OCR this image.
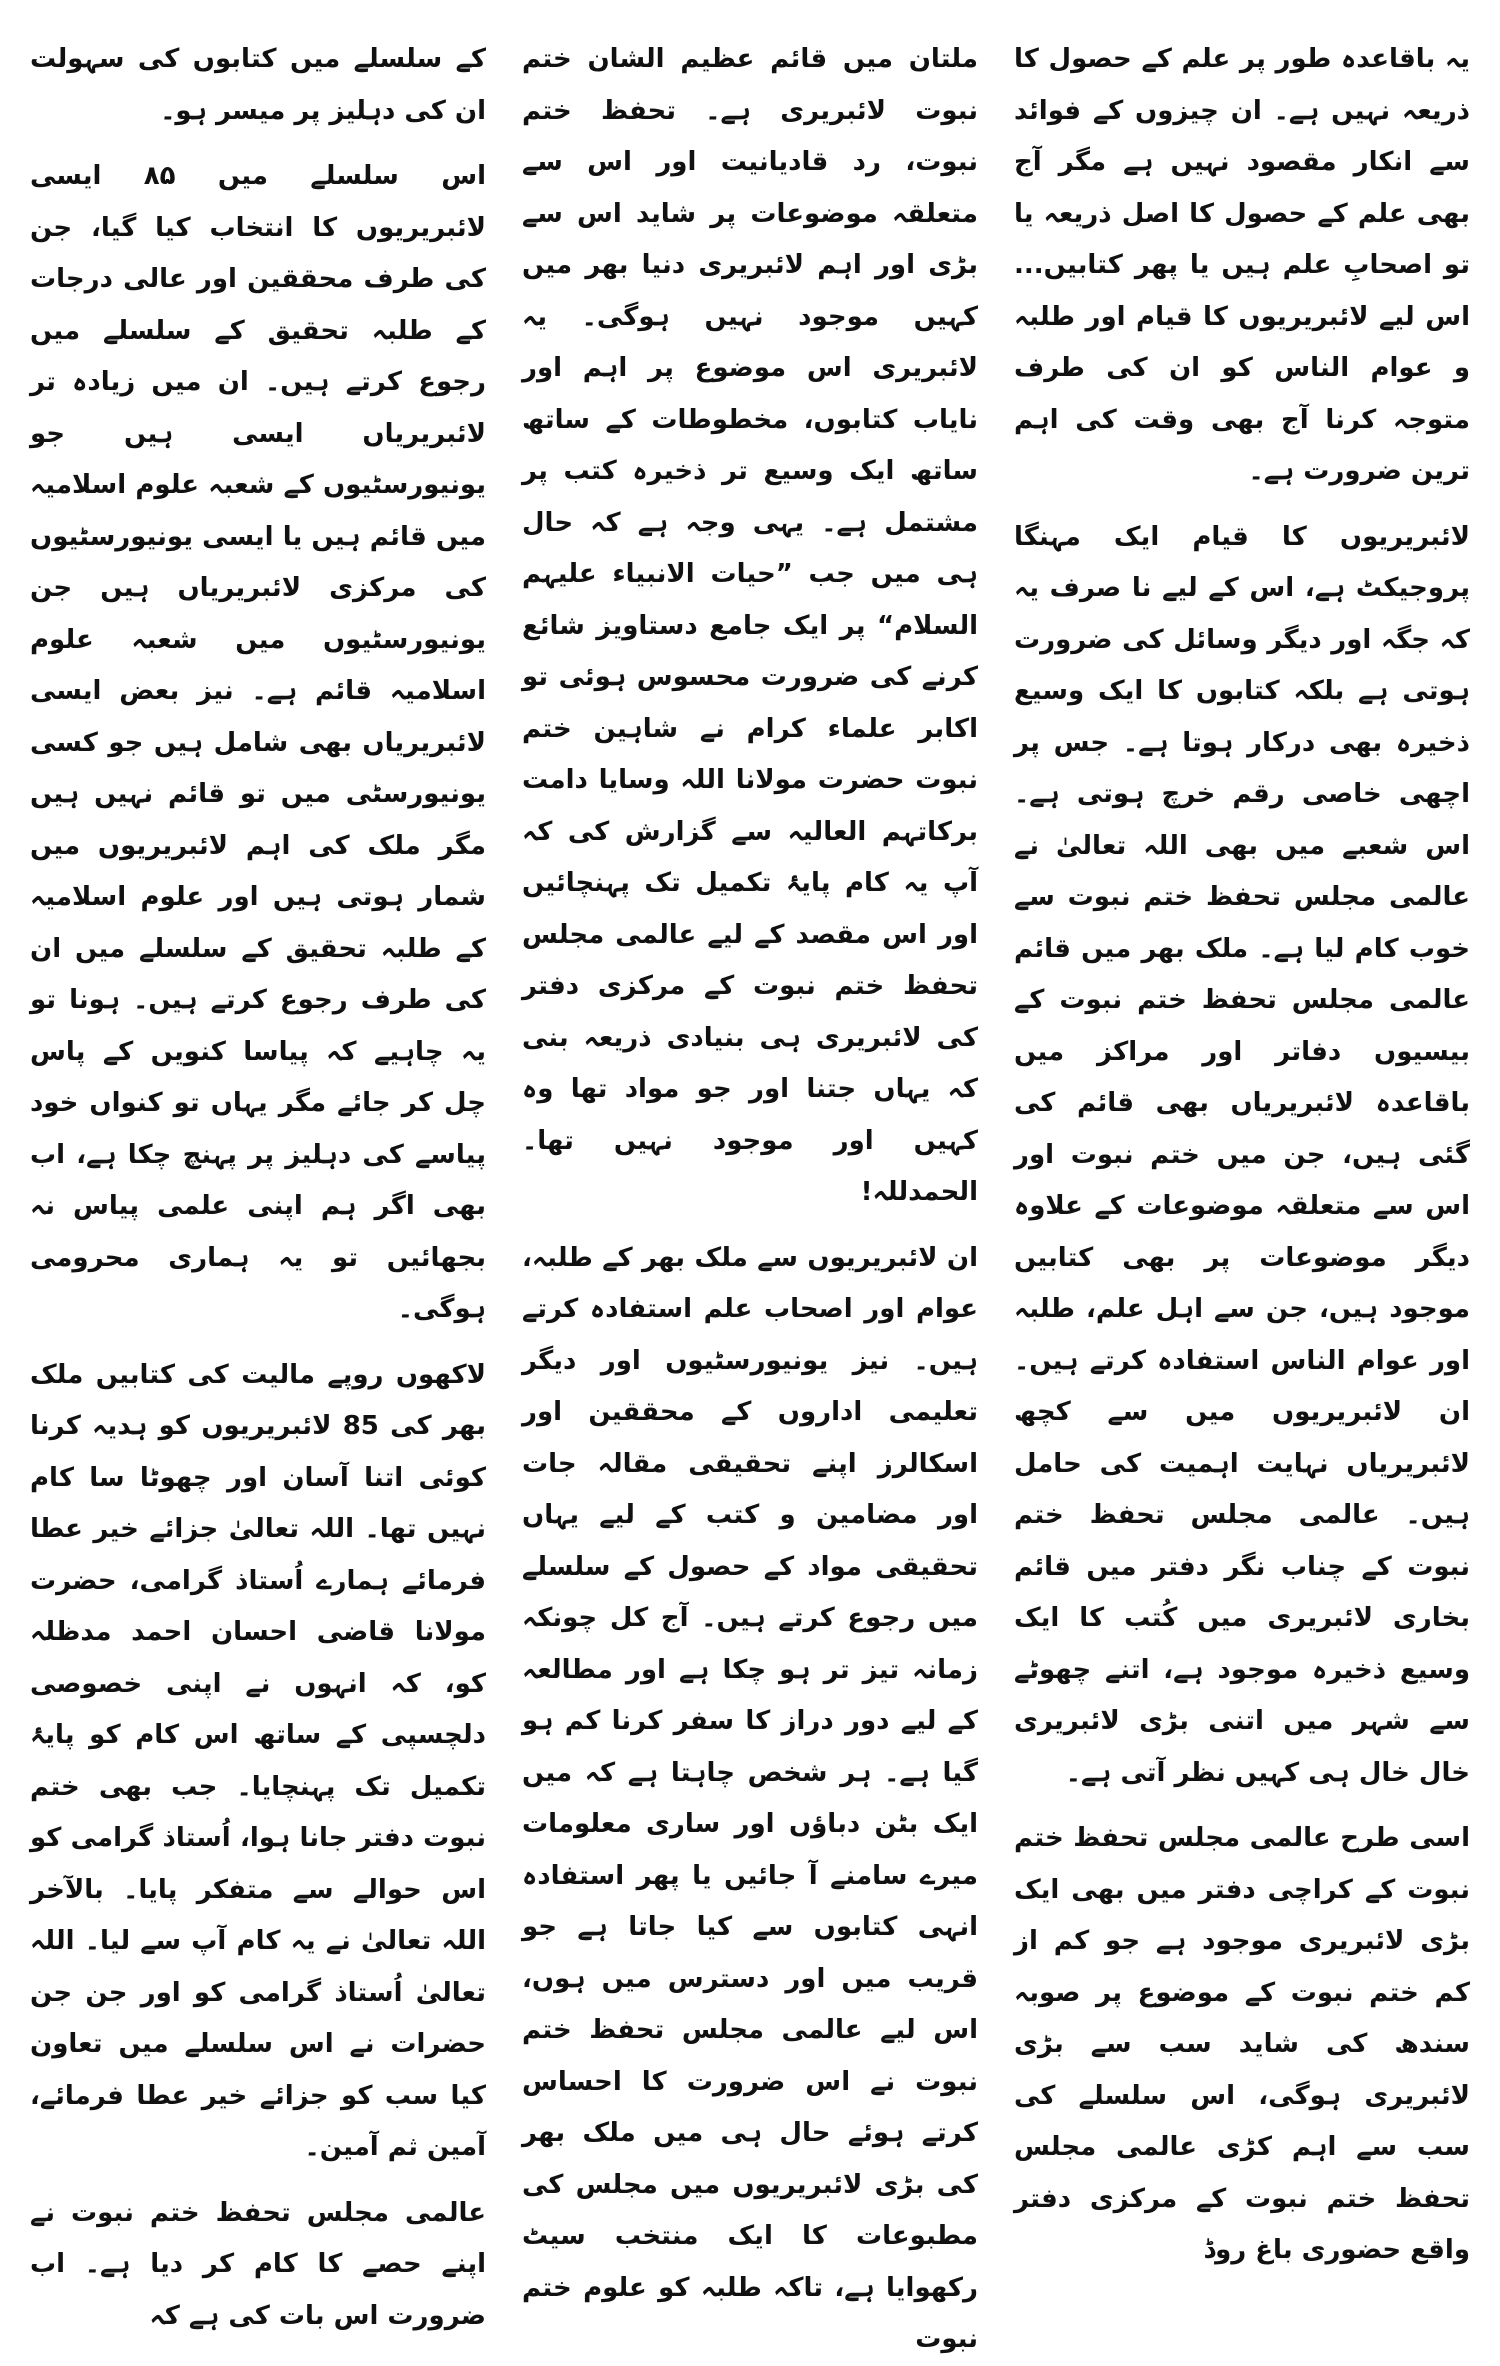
یہ باقاعدہ طور پر علم کے حصول کا ذریعہ نہیں ہے۔ ان چیزوں کے فوائد سے انکار مقصود نہیں ہے مگر آج بھی علم کے حصول کا اصل ذریعہ یا تو اصحابِ علم ہیں یا پھر کتابیں... اس لیے لائبریریوں کا قیام اور طلبہ و عوام الناس کو ان کی طرف متوجہ کرنا آج بھی وقت کی اہم ترین ضرورت ہے۔

لائبریریوں کا قیام ایک مہنگا پروجیکٹ ہے، اس کے لیے نا صرف یہ کہ جگہ اور دیگر وسائل کی ضرورت ہوتی ہے بلکہ کتابوں کا ایک وسیع ذخیرہ بھی درکار ہوتا ہے۔ جس پر اچھی خاصی رقم خرچ ہوتی ہے۔ اس شعبے میں بھی اللہ تعالیٰ نے عالمی مجلس تحفظ ختم نبوت سے خوب کام لیا ہے۔ ملک بھر میں قائم عالمی مجلس تحفظ ختم نبوت کے بیسیوں دفاتر اور مراکز میں باقاعدہ لائبریریاں بھی قائم کی گئی ہیں، جن میں ختم نبوت اور اس سے متعلقہ موضوعات کے علاوہ دیگر موضوعات پر بھی کتابیں موجود ہیں، جن سے اہل علم، طلبہ اور عوام الناس استفادہ کرتے ہیں۔ ان لائبریریوں میں سے کچھ لائبریریاں نہایت اہمیت کی حامل ہیں۔ عالمی مجلس تحفظ ختم نبوت کے چناب نگر دفتر میں قائم بخاری لائبریری میں کُتب کا ایک وسیع ذخیرہ موجود ہے، اتنے چھوٹے سے شہر میں اتنی بڑی لائبریری خال خال ہی کہیں نظر آتی ہے۔

اسی طرح عالمی مجلس تحفظ ختم نبوت کے کراچی دفتر میں بھی ایک بڑی لائبریری موجود ہے جو کم از کم ختم نبوت کے موضوع پر صوبہ سندھ کی شاید سب سے بڑی لائبریری ہوگی، اس سلسلے کی سب سے اہم کڑی عالمی مجلس تحفظ ختم نبوت کے مرکزی دفتر واقع حضوری باغ روڈ

ملتان میں قائم عظیم الشان ختم نبوت لائبریری ہے۔ تحفظ ختم نبوت، رد قادیانیت اور اس سے متعلقہ موضوعات پر شاید اس سے بڑی اور اہم لائبریری دنیا بھر میں کہیں موجود نہیں ہوگی۔ یہ لائبریری اس موضوع پر اہم اور نایاب کتابوں، مخطوطات کے ساتھ ساتھ ایک وسیع تر ذخیرہ کتب پر مشتمل ہے۔ یہی وجہ ہے کہ حال ہی میں جب ”حیات الانبیاء علیہم السلام“ پر ایک جامع دستاویز شائع کرنے کی ضرورت محسوس ہوئی تو اکابر علماء کرام نے شاہین ختم نبوت حضرت مولانا اللہ وسایا دامت برکاتہم العالیہ سے گزارش کی کہ آپ یہ کام پایۂ تکمیل تک پہنچائیں اور اس مقصد کے لیے عالمی مجلس تحفظ ختم نبوت کے مرکزی دفتر کی لائبریری ہی بنیادی ذریعہ بنی کہ یہاں جتنا اور جو مواد تھا وہ کہیں اور موجود نہیں تھا۔ الحمدللہ!

ان لائبریریوں سے ملک بھر کے طلبہ، عوام اور اصحاب علم استفادہ کرتے ہیں۔ نیز یونیورسٹیوں اور دیگر تعلیمی اداروں کے محققین اور اسکالرز اپنے تحقیقی مقالہ جات اور مضامین و کتب کے لیے یہاں تحقیقی مواد کے حصول کے سلسلے میں رجوع کرتے ہیں۔ آج کل چونکہ زمانہ تیز تر ہو چکا ہے اور مطالعہ کے لیے دور دراز کا سفر کرنا کم ہو گیا ہے۔ ہر شخص چاہتا ہے کہ میں ایک بٹن دباؤں اور ساری معلومات میرے سامنے آ جائیں یا پھر استفادہ انہی کتابوں سے کیا جاتا ہے جو قریب میں اور دسترس میں ہوں، اس لیے عالمی مجلس تحفظ ختم نبوت نے اس ضرورت کا احساس کرتے ہوئے حال ہی میں ملک بھر کی بڑی لائبریریوں میں مجلس کی مطبوعات کا ایک منتخب سیٹ رکھوایا ہے، تاکہ طلبہ کو علوم ختم نبوت

کے سلسلے میں کتابوں کی سہولت ان کی دہلیز پر میسر ہو۔

اس سلسلے میں ۸۵ ایسی لائبریریوں کا انتخاب کیا گیا، جن کی طرف محققین اور عالی درجات کے طلبہ تحقیق کے سلسلے میں رجوع کرتے ہیں۔ ان میں زیادہ تر لائبریریاں ایسی ہیں جو یونیورسٹیوں کے شعبہ علوم اسلامیہ میں قائم ہیں یا ایسی یونیورسٹیوں کی مرکزی لائبریریاں ہیں جن یونیورسٹیوں میں شعبہ علوم اسلامیہ قائم ہے۔ نیز بعض ایسی لائبریریاں بھی شامل ہیں جو کسی یونیورسٹی میں تو قائم نہیں ہیں مگر ملک کی اہم لائبریریوں میں شمار ہوتی ہیں اور علوم اسلامیہ کے طلبہ تحقیق کے سلسلے میں ان کی طرف رجوع کرتے ہیں۔ ہونا تو یہ چاہیے کہ پیاسا کنویں کے پاس چل کر جائے مگر یہاں تو کنواں خود پیاسے کی دہلیز پر پہنچ چکا ہے، اب بھی اگر ہم اپنی علمی پیاس نہ بجھائیں تو یہ ہماری محرومی ہوگی۔

لاکھوں روپے مالیت کی کتابیں ملک بھر کی 85 لائبریریوں کو ہدیہ کرنا کوئی اتنا آسان اور چھوٹا سا کام نہیں تھا۔ اللہ تعالیٰ جزائے خیر عطا فرمائے ہمارے اُستاذ گرامی، حضرت مولانا قاضی احسان احمد مدظلہ کو، کہ انہوں نے اپنی خصوصی دلچسپی کے ساتھ اس کام کو پایۂ تکمیل تک پہنچایا۔ جب بھی ختم نبوت دفتر جانا ہوا، اُستاذ گرامی کو اس حوالے سے متفکر پایا۔ بالآخر اللہ تعالیٰ نے یہ کام آپ سے لیا۔ اللہ تعالیٰ اُستاذ گرامی کو اور جن جن حضرات نے اس سلسلے میں تعاون کیا سب کو جزائے خیر عطا فرمائے، آمین ثم آمین۔

عالمی مجلس تحفظ ختم نبوت نے اپنے حصے کا کام کر دیا ہے۔ اب ضرورت اس بات کی ہے کہ
